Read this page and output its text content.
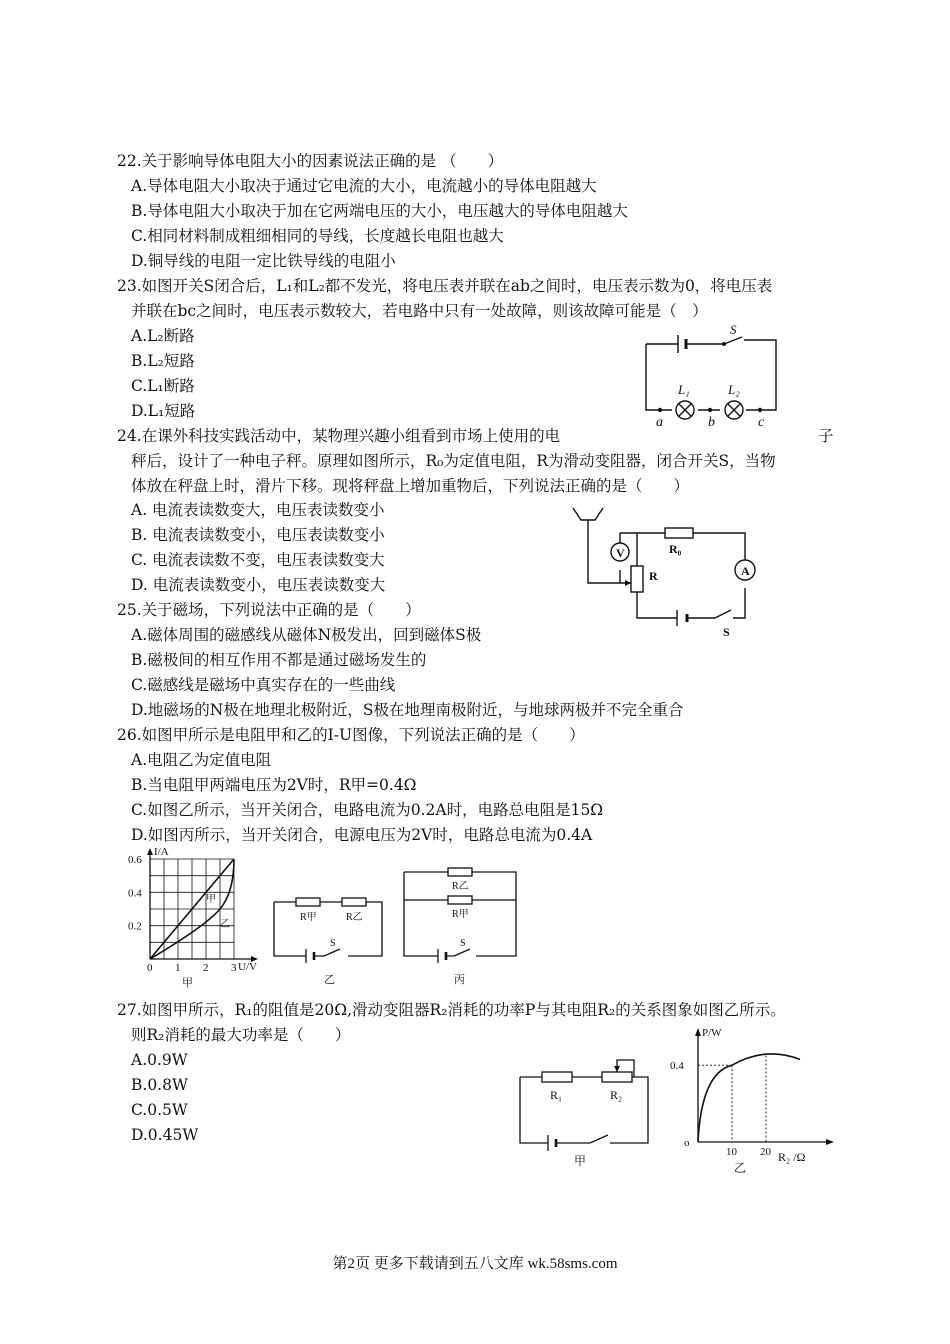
22.关于影响导体电阻大小的因素说法正确的是 （　　）
A.导体电阻大小取决于通过它电流的大小，电流越小的导体电阻越大
B.导体电阻大小取决于加在它两端电压的大小，电压越大的导体电阻越大
C.相同材料制成粗细相同的导线，长度越长电阻也越大
D.铜导线的电阻一定比铁导线的电阻小
23.如图开关S闭合后，L₁和L₂都不发光，将电压表并联在ab之间时，电压表示数为0，将电压表
并联在bc之间时，电压表示数较大，若电路中只有一处故障，则该故障可能是（　）
A.L₂断路
B.L₂短路
C.L₁断路
D.L₁短路
S
L₁	L₂
a	b	c
24.在课外科技实践活动中，某物理兴趣小组看到市场上使用的电	子
秤后，设计了一种电子秤。原理如图所示，R₀为定值电阻，R为滑动变阻器，闭合开关S，当物
体放在秤盘上时，滑片下移。现将秤盘上增加重物后，下列说法正确的是（　　）
A. 电流表读数变大，电压表读数变小
B. 电流表读数变小，电压表读数变小
C. 电流表读数不变，电压表读数变大
D. 电流表读数变小，电压表读数变大
V
A
R₀
R
S
25.关于磁场，下列说法中正确的是（　　）
A.磁体周围的磁感线从磁体N极发出，回到磁体S极
B.磁极间的相互作用不都是通过磁场发生的
C.磁感线是磁场中真实存在的一些曲线
D.地磁场的N极在地理北极附近，S极在地理南极附近，与地球两极并不完全重合
26.如图甲所示是电阻甲和乙的I-U图像，下列说法正确的是（　　）
A.电阻乙为定值电阻
B.当电阻甲两端电压为2V时，R甲=0.4Ω
C.如图乙所示，当开关闭合，电路电流为0.2A时，电路总电阻是15Ω
D.如图丙所示，当开关闭合，电源电压为2V时，电路总电流为0.4A
I/A
U/V
0.2
0.4
0.6
0 1 2 3
甲
乙
甲
R甲	R乙
S
乙
R乙
R甲
S
丙
27.如图甲所示，R₁的阻值是20Ω,滑动变阻器R₂消耗的功率P与其电阻R₂的关系图象如图乙所示。
则R₂消耗的最大功率是（　　）
A.0.9W
B.0.8W
C.0.5W
D.0.45W
R₁	R₂
甲
P/W
R₂ /Ω
o
10 20
0.4
乙
第2页 更多下载请到五八文库 wk.58sms.com
